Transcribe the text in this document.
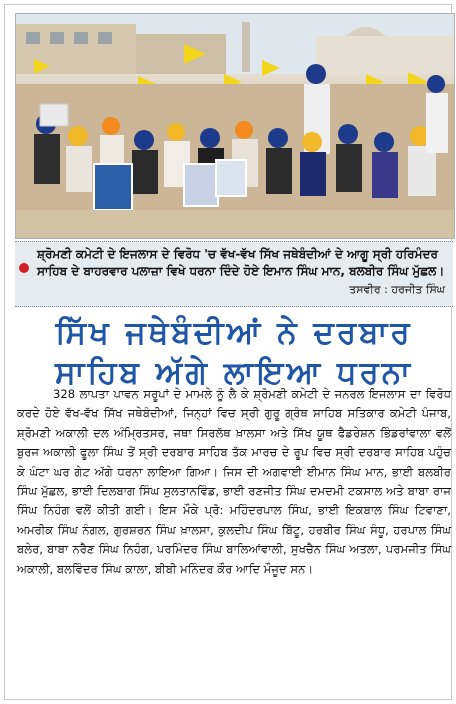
ਸ਼੍ਰੋਮਣੀ ਕਮੇਟੀ ਦੇ ਇਜਲਾਸ ਦੇ ਵਿਰੋਧ 'ਚ ਵੱਖ-ਵੱਖ ਸਿੱਖ ਜਥੇਬੰਦੀਆਂ ਦੇ ਆਗੂ ਸ੍ਰੀ ਹਰਿਮੰਦਰ ਸਾਹਿਬ ਦੇ ਬਾਹਰਵਾਰ ਪਲਾਜ਼ਾ ਵਿਖੇ ਧਰਨਾ ਦਿੰਦੇ ਹੋਏ ਇਮਾਨ ਸਿੰਘ ਮਾਨ, ਬਲਬੀਰ ਸਿੰਘ ਮੁੱਛਲ।
ਤਸਵੀਰ : ਹਰਜੀਤ ਸਿੰਘ
ਸਿੱਖ ਜਥੇਬੰਦੀਆਂ ਨੇ ਦਰਬਾਰ
ਸਾਹਿਬ ਅੱਗੇ ਲਾਇਆ ਧਰਨਾ

328 ਲਾਪਤਾ ਪਾਵਨ ਸਰੂਪਾਂ ਦੇ ਮਾਮਲੇ ਨੂੰ ਲੈ ਕੇ ਸ਼੍ਰੋਮਣੀ ਕਮੇਟੀ ਦੇ ਜਨਰਲ ਇਜਲਾਸ ਦਾ ਵਿਰੋਧ ਕਰਦੇ ਹੋਏ ਵੱਖ-ਵੱਖ ਸਿੱਖ ਜਥੇਬੰਦੀਆਂ, ਜਿਨ੍ਹਾਂ ਵਿਚ ਸ੍ਰੀ ਗੁਰੂ ਗ੍ਰੰਥ ਸਾਹਿਬ ਸਤਿਕਾਰ ਕਮੇਟੀ ਪੰਜਾਬ, ਸ਼੍ਰੋਮਣੀ ਅਕਾਲੀ ਦਲ ਅੰਮ੍ਰਿਤਸਰ, ਜਥਾ ਸਿਰਲੱਥ ਖ਼ਾਲਸਾ ਅਤੇ ਸਿੱਖ ਯੂਥ ਫੈਡਰੇਸ਼ਨ ਭਿੰਡਰਾਂਵਾਲਾ ਵਲੋਂ ਬੁਰਜ ਅਕਾਲੀ ਫੂਲਾ ਸਿੰਘ ਤੋਂ ਸ੍ਰੀ ਦਰਬਾਰ ਸਾਹਿਬ ਤੱਕ ਮਾਰਚ ਦੇ ਰੂਪ ਵਿਚ ਸ੍ਰੀ ਦਰਬਾਰ ਸਾਹਿਬ ਪਹੁੰਚ ਕੇ ਘੰਟਾ ਘਰ ਗੇਟ ਅੱਗੇ ਧਰਨਾ ਲਾਇਆ ਗਿਆ। ਜਿਸ ਦੀ ਅਗਵਾਈ ਈਮਾਨ ਸਿੰਘ ਮਾਨ, ਭਾਈ ਬਲਬੀਰ ਸਿੰਘ ਮੁੱਛਲ, ਭਾਈ ਦਿਲਬਾਗ ਸਿੰਘ ਸੁਲਤਾਨਵਿੰਡ, ਭਾਈ ਰਣਜੀਤ ਸਿੰਘ ਦਮਦਮੀ ਟਕਸਾਲ ਅਤੇ ਬਾਬਾ ਰਾਜ ਸਿੰਘ ਨਿਹੰਗ ਵਲੋਂ ਕੀਤੀ ਗਈ। ਇਸ ਮੌਕੇ ਪ੍ਰੋ: ਮਹਿੰਦਰਪਾਲ ਸਿੰਘ, ਭਾਈ ਇਕਬਾਲ ਸਿੰਘ ਟਿਵਾਣਾ, ਅਮਰੀਕ ਸਿੰਘ ਨੰਗਲ, ਗੁਰਸ਼ਰਨ ਸਿੰਘ ਖ਼ਾਲਸਾ, ਕੁਲਦੀਪ ਸਿੰਘ ਬਿੱਟੂ, ਹਰਬੀਰ ਸਿੰਘ ਸੰਧੂ, ਹਰਪਾਲ ਸਿੰਘ ਬਲੇਰ, ਬਾਬਾ ਨਰੈਣ ਸਿੰਘ ਨਿਹੰਗ, ਪਰਮਿੰਦਰ ਸਿੰਘ ਬਾਲਿਆਂਵਾਲੀ, ਸੁਖਚੈਨ ਸਿੰਘ ਅਤਲਾ, ਪਰਮਜੀਤ ਸਿੰਘ ਅਕਾਲੀ, ਬਲਵਿੰਦਰ ਸਿੰਘ ਕਾਲਾ, ਬੀਬੀ ਮਨਿੰਦਰ ਕੌਰ ਆਦਿ ਮੌਜੂਦ ਸਨ।
